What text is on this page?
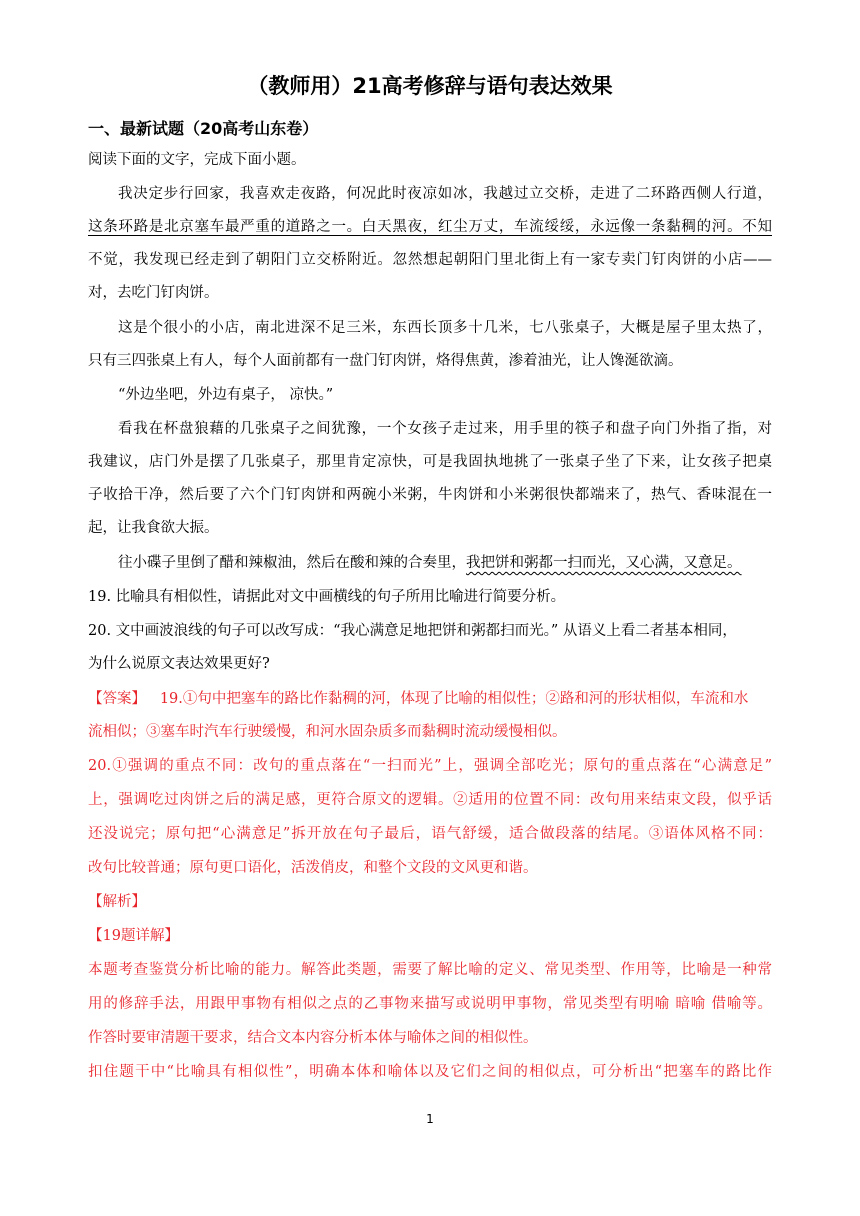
（教师用）21高考修辞与语句表达效果
一、最新试题（20高考山东卷）
阅读下面的文字，完成下面小题。
我决定步行回家，我喜欢走夜路，何况此时夜凉如冰，我越过立交桥，走进了二环路西侧人行道，
这条环路是北京塞车最严重的道路之一。白天黑夜，红尘万丈，车流绥绥，永远像一条黏稠的河。不知
不觉，我发现已经走到了朝阳门立交桥附近。忽然想起朝阳门里北街上有一家专卖门钉肉饼的小店——
对，去吃门钉肉饼。
这是个很小的小店，南北进深不足三米，东西长顶多十几米，七八张桌子，大概是屋子里太热了，
只有三四张桌上有人，每个人面前都有一盘门钉肉饼，烙得焦黄，渗着油光，让人馋涎欲滴。
“外边坐吧，外边有桌子， 凉快。”
看我在杯盘狼藉的几张桌子之间犹豫，一个女孩子走过来，用手里的筷子和盘子向门外指了指，对
我建议，店门外是摆了几张桌子，那里肯定凉快，可是我固执地挑了一张桌子坐了下来，让女孩子把桌
子收拾干净，然后要了六个门钉肉饼和两碗小米粥，牛肉饼和小米粥很快都端来了，热气、香味混在一
起，让我食欲大振。
往小碟子里倒了醋和辣椒油，然后在酸和辣的合奏里，我把饼和粥都一扫而光，又心满，又意足。
19. 比喻具有相似性，请据此对文中画横线的句子所用比喻进行简要分析。
20. 文中画波浪线的句子可以改写成：“我心满意足地把饼和粥都扫而光。” 从语义上看二者基本相同，
为什么说原文表达效果更好?
【答案】 19.①句中把塞车的路比作黏稠的河，体现了比喻的相似性；②路和河的形状相似，车流和水
流相似；③塞车时汽车行驶缓慢，和河水固杂质多而黏稠时流动缓慢相似。
20.①强调的重点不同：改句的重点落在“一扫而光”上，强调全部吃光；原句的重点落在“心满意足”
上，强调吃过肉饼之后的满足感，更符合原文的逻辑。②适用的位置不同：改句用来结束文段，似乎话
还没说完；原句把“心满意足”拆开放在句子最后，语气舒缓，适合做段落的结尾。③语体风格不同：
改句比较普通；原句更口语化，活泼俏皮，和整个文段的文风更和谐。
【解析】
【19题详解】
本题考查鉴赏分析比喻的能力。解答此类题，需要了解比喻的定义、常见类型、作用等，比喻是一种常
用的修辞手法，用跟甲事物有相似之点的乙事物来描写或说明甲事物，常见类型有明喻 暗喻 借喻等。
作答时要审清题干要求，结合文本内容分析本体与喻体之间的相似性。
扣住题干中“比喻具有相似性”，明确本体和喻体以及它们之间的相似点，可分析出“把塞车的路比作
1
